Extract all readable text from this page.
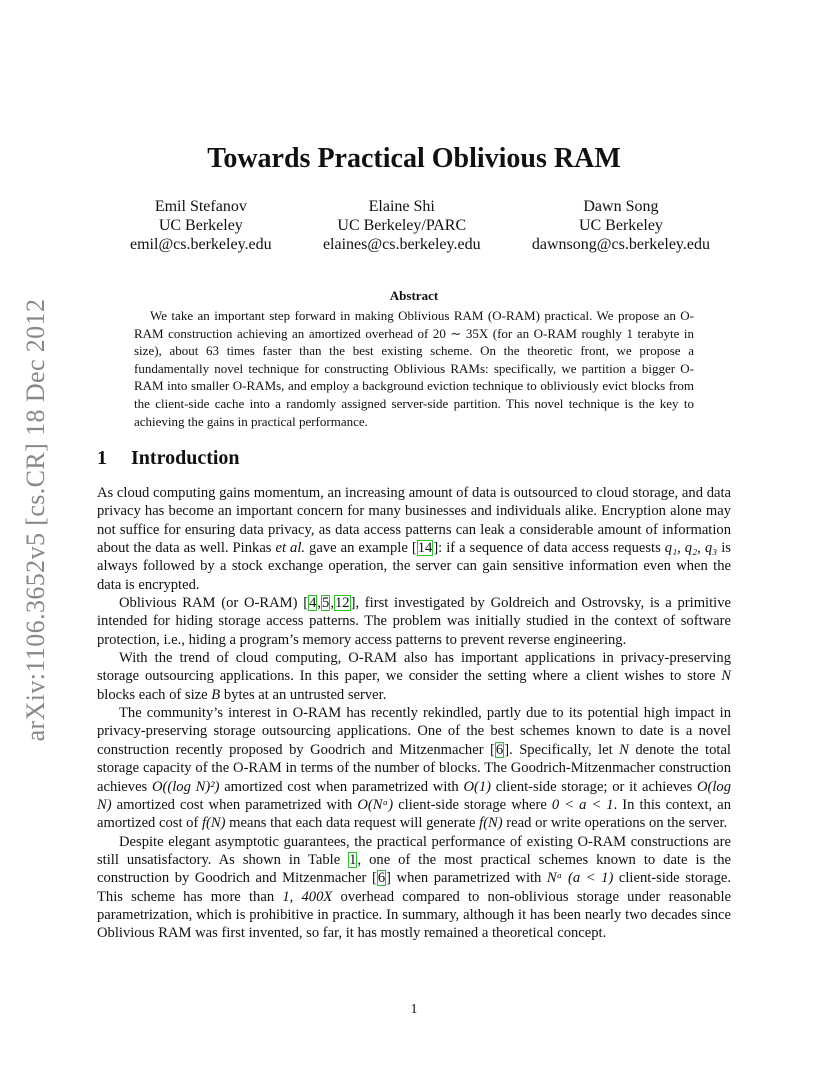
arXiv:1106.3652v5 [cs.CR] 18 Dec 2012
Towards Practical Oblivious RAM
Emil Stefanov
UC Berkeley
emil@cs.berkeley.edu
Elaine Shi
UC Berkeley/PARC
elaines@cs.berkeley.edu
Dawn Song
UC Berkeley
dawnsong@cs.berkeley.edu
Abstract

We take an important step forward in making Oblivious RAM (O-RAM) practical. We propose an O-RAM construction achieving an amortized overhead of 20 ∼ 35X (for an O-RAM roughly 1 terabyte in size), about 63 times faster than the best existing scheme. On the theoretic front, we propose a fundamentally novel technique for constructing Oblivious RAMs: specifically, we partition a bigger O-RAM into smaller O-RAMs, and employ a background eviction technique to obliviously evict blocks from the client-side cache into a randomly assigned server-side partition. This novel technique is the key to achieving the gains in practical performance.

1 Introduction

As cloud computing gains momentum, an increasing amount of data is outsourced to cloud storage, and data privacy has become an important concern for many businesses and individuals alike. Encryption alone may not suffice for ensuring data privacy, as data access patterns can leak a considerable amount of information about the data as well. Pinkas et al. gave an example [14]: if a sequence of data access requests q₁, q₂, q₃ is always followed by a stock exchange operation, the server can gain sensitive information even when the data is encrypted.

Oblivious RAM (or O-RAM) [4,5,12], first investigated by Goldreich and Ostrovsky, is a primitive intended for hiding storage access patterns. The problem was initially studied in the context of software protection, i.e., hiding a program’s memory access patterns to prevent reverse engineering.

With the trend of cloud computing, O-RAM also has important applications in privacy-preserving storage outsourcing applications. In this paper, we consider the setting where a client wishes to store N blocks each of size B bytes at an untrusted server.

The community’s interest in O-RAM has recently rekindled, partly due to its potential high impact in privacy-preserving storage outsourcing applications. One of the best schemes known to date is a novel construction recently proposed by Goodrich and Mitzenmacher [6]. Specifically, let N denote the total storage capacity of the O-RAM in terms of the number of blocks. The Goodrich-Mitzenmacher construction achieves O((log N)²) amortized cost when parametrized with O(1) client-side storage; or it achieves O(log N) amortized cost when parametrized with O(Nᵃ) client-side storage where 0 < a < 1. In this context, an amortized cost of f(N) means that each data request will generate f(N) read or write operations on the server.

Despite elegant asymptotic guarantees, the practical performance of existing O-RAM constructions are still unsatisfactory. As shown in Table 1, one of the most practical schemes known to date is the construction by Goodrich and Mitzenmacher [6] when parametrized with Nᵃ (a < 1) client-side storage. This scheme has more than 1, 400X overhead compared to non-oblivious storage under reasonable parametrization, which is prohibitive in practice. In summary, although it has been nearly two decades since Oblivious RAM was first invented, so far, it has mostly remained a theoretical concept.

1
